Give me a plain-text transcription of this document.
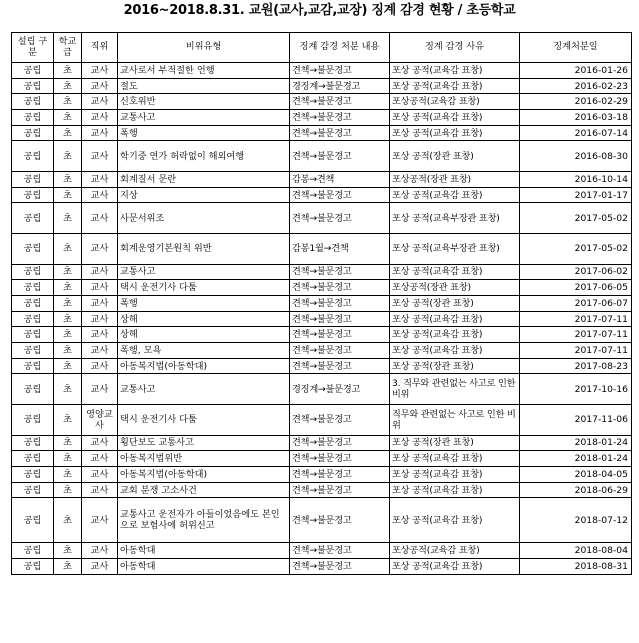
2016~2018.8.31. 교원(교사,교감,교장) 징계 감경 현황 / 초등학교
설립 구분	학교 급	직위	비위유형	징계 감경 처분 내용	징계 감경 사유	징계처분일
공립	초	교사	교사로서 부적절한 언행	견책→불문경고	포상 공적(교육감 표창)	2016-01-26
공립	초	교사	절도	경징계→불문경고	포상 공적(교육감 표창)	2016-02-23
공립	초	교사	신호위반	견책→불문경고	포상공적(교육감 표창)	2016-02-29
공립	초	교사	교통사고	견책→불문경고	포상 공적(교육감 표창)	2016-03-18
공립	초	교사	폭행	견책→불문경고	포상 공적(교육감 표창)	2016-07-14
공립	초	교사	학기중 연가 허락없이 해외여행	견책→불문경고	포상 공적(장관 표창)	2016-08-30
공립	초	교사	회계질서 문란	감봉→견책	포상공적(장관 표창)	2016-10-14
공립	초	교사	지상	견책→불문경고	포상 공적(교육감 표창)	2017-01-17
공립	초	교사	사문서위조	견책→불문경고	포상 공적(교육부장관 표창)	2017-05-02
공립	초	교사	회계운영기본원칙 위반	감봉1월→견책	포상 공적(교육부장관 표창)	2017-05-02
공립	초	교사	교통사고	견책→불문경고	포상 공적(교육감 표창)	2017-06-02
공립	초	교사	택시 운전기사 다툼	견책→불문경고	포상공적(장관 표창)	2017-06-05
공립	초	교사	폭행	견책→불문경고	포상 공적(장관 표창)	2017-06-07
공립	초	교사	상해	견책→불문경고	포상 공적(교육감 표창)	2017-07-11
공립	초	교사	상해	견책→불문경고	포상 공적(교육감 표창)	2017-07-11
공립	초	교사	폭행, 모욕	견책→불문경고	포상 공적(교육감 표창)	2017-07-11
공립	초	교사	아동복지법(아동학대)	견책→불문경고	포상 공적(장관 표창)	2017-08-23
공립	초	교사	교통사고	경징계→불문경고	3. 직무와 관련없는 사고로 인한 비위	2017-10-16
공립	초	영양교사	택시 운전기사 다툼	견책→불문경고	직무와 관련없는 사고로 인한 비위	2017-11-06
공립	초	교사	횡단보도 교통사고	견책→불문경고	포상 공적(장관 표창)	2018-01-24
공립	초	교사	아동복지법위반	견책→불문경고	포상 공적(교육감 표창)	2018-01-24
공립	초	교사	아동복지법(아동학대)	견책→불문경고	포상 공적(교육감 표창)	2018-04-05
공립	초	교사	교회 분쟁 고소사건	견책→불문경고	포상 공적(교육감 표창)	2018-06-29
공립	초	교사	교통사고 운전자가 아들이었음에도 본인으로 보험사에 허위신고	견책→불문경고	포상 공적(교육감 표창)	2018-07-12
공립	초	교사	아동학대	견책→불문경고	포상공적(교육감 표창)	2018-08-04
공립	초	교사	아동학대	견책→불문경고	포상 공적(교육감 표창)	2018-08-31
